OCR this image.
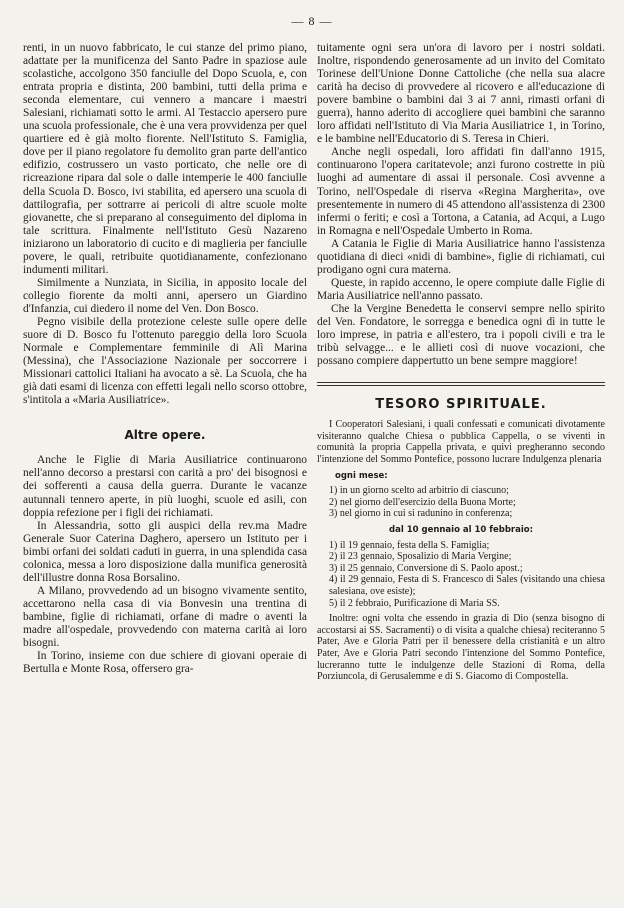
— 8 —

renti, in un nuovo fabbricato, le cui stanze del primo piano, adattate per la munificenza del Santo Padre in spaziose aule scolastiche, accolgono 350 fanciulle del Dopo Scuola, e, con entrata propria e distinta, 200 bambini, tutti della prima e seconda elementare, cui vennero a mancare i maestri Salesiani, richiamati sotto le armi. Al Testaccio apersero pure una scuola professionale, che è una vera provvidenza per quel quartiere ed è già molto fiorente. Nell'Istituto S. Famiglia, dove per il piano regolatore fu demolito gran parte dell'antico edifizio, costrussero un vasto porticato, che nelle ore di ricreazione ripara dal sole o dalle intemperie le 400 fanciulle della Scuola D. Bosco, ivi stabilita, ed apersero una scuola di dattilografia, per sottrarre ai pericoli di altre scuole molte giovanette, che si preparano al conseguimento del diploma in tale scrittura. Finalmente nell'Istituto Gesù Nazareno iniziarono un laboratorio di cucito e di maglieria per fanciulle povere, le quali, retribuite quotidianamente, confezionano indumenti militari.

Similmente a Nunziata, in Sicilia, in apposito locale del collegio fiorente da molti anni, apersero un Giardino d'Infanzia, cui diedero il nome del Ven. Don Bosco.

Pegno visibile della protezione celeste sulle opere delle suore di D. Bosco fu l'ottenuto pareggio della loro Scuola Normale e Complementare femminile di Alì Marina (Messina), che l'Associazione Nazionale per soccorrere i Missionari cattolici Italiani ha avocato a sè. La Scuola, che ha già dati esami di licenza con effetti legali nello scorso ottobre, s'intitola a «Maria Ausiliatrice».

Altre opere.

Anche le Figlie di Maria Ausiliatrice continuarono nell'anno decorso a prestarsi con carità a pro' dei bisognosi e dei sofferenti a causa della guerra. Durante le vacanze autunnali tennero aperte, in più luoghi, scuole ed asili, con doppia refezione per i figli dei richiamati.

In Alessandria, sotto gli auspici della rev.ma Madre Generale Suor Caterina Daghero, apersero un Istituto per i bimbi orfani dei soldati caduti in guerra, in una splendida casa colonica, messa a loro disposizione dalla munifica generosità dell'illustre donna Rosa Borsalino.

A Milano, provvedendo ad un bisogno vivamente sentito, accettarono nella casa di via Bonvesin una trentina di bambine, figlie di richiamati, orfane di madre o aventi la madre all'ospedale, provvedendo con materna carità ai loro bisogni.

In Torino, insieme con due schiere di giovani operaie di Bertulla e Monte Rosa, offersero gra-

tuitamente ogni sera un'ora di lavoro per i nostri soldati. Inoltre, rispondendo generosamente ad un invito del Comitato Torinese dell'Unione Donne Cattoliche (che nella sua alacre carità ha deciso di provvedere al ricovero e all'educazione di povere bambine o bambini dai 3 ai 7 anni, rimasti orfani di guerra), hanno aderito di accogliere quei bambini che saranno loro affidati nell'Istituto di Via Maria Ausiliatrice 1, in Torino, e le bambine nell'Educatorio di S. Teresa in Chieri.

Anche negli ospedali, loro affidati fin dall'anno 1915, continuarono l'opera caritatevole; anzi furono costrette in più luoghi ad aumentare di assai il personale. Così avvenne a Torino, nell'Ospedale di riserva «Regina Margherita», ove presentemente in numero di 45 attendono all'assistenza di 2300 infermi o feriti; e così a Tortona, a Catania, ad Acqui, a Lugo in Romagna e nell'Ospedale Umberto in Roma.

A Catania le Figlie di Maria Ausiliatrice hanno l'assistenza quotidiana di dieci «nidi di bambine», figlie di richiamati, cui prodigano ogni cura materna.

Queste, in rapido accenno, le opere compiute dalle Figlie di Maria Ausiliatrice nell'anno passato.

Che la Vergine Benedetta le conservi sempre nello spirito del Ven. Fondatore, le sorregga e benedica ogni dì in tutte le loro imprese, in patria e all'estero, tra i popoli civili e tra le tribù selvagge... e le allieti così di nuove vocazioni, che possano compiere dappertutto un bene sempre maggiore!

TESORO SPIRITUALE.

I Cooperatori Salesiani, i quali confessati e comunicati divotamente visiteranno qualche Chiesa o pubblica Cappella, o se viventi in comunità la propria Cappella privata, e quivi pregheranno secondo l'intenzione del Sommo Pontefice, possono lucrare Indulgenza plenaria

ogni mese:
1) in un giorno scelto ad arbitrio di ciascuno;
2) nel giorno dell'esercizio della Buona Morte;
3) nel giorno in cui si radunino in conferenza;
dal 10 gennaio al 10 febbraio:
1) il 19 gennaio, festa della S. Famiglia;
2) il 23 gennaio, Sposalizio di Maria Vergine;
3) il 25 gennaio, Conversione di S. Paolo apost.;
4) il 29 gennaio, Festa di S. Francesco di Sales (visitando una chiesa salesiana, ove esiste);
5) il 2 febbraio, Purificazione di Maria SS.

Inoltre: ogni volta che essendo in grazia di Dio (senza bisogno di accostarsi ai SS. Sacramenti) o di visita a qualche chiesa) reciteranno 5 Pater, Ave e Gloria Patri per il benessere della cristianità e un altro Pater, Ave e Gloria Patri secondo l'intenzione del Sommo Pontefice, lucreranno tutte le indulgenze delle Stazioni di Roma, della Porziuncola, di Gerusalemme e di S. Giacomo di Compostella.
